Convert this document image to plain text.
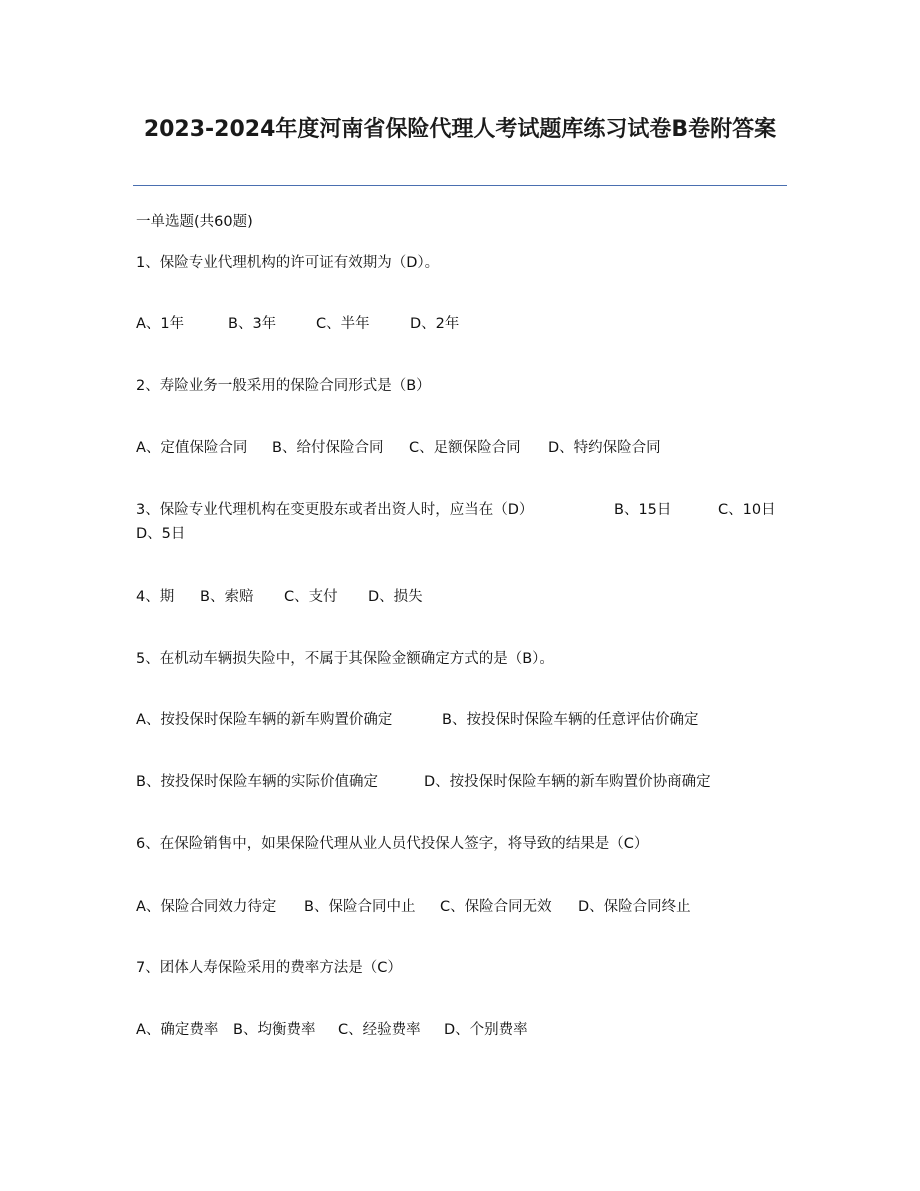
2023-2024年度河南省保险代理人考试题库练习试卷B卷附答案
一单选题(共60题)
1、保险专业代理机构的许可证有效期为（D）。
A、1年	B、3年	C、半年	D、2年
2、寿险业务一般采用的保险合同形式是（B）
A、定值保险合同 B、给付保险合同 C、足额保险合同 D、特约保险合同
3、保险专业代理机构在变更股东或者出资人时，应当在（D）	B、15日	C、10日
D、5日
4、期 B、索赔 C、支付 D、损失
5、在机动车辆损失险中，不属于其保险金额确定方式的是（B）。
A、按投保时保险车辆的新车购置价确定	B、按投保时保险车辆的任意评估价确定
B、按投保时保险车辆的实际价值确定	D、按投保时保险车辆的新车购置价协商确定
6、在保险销售中，如果保险代理从业人员代投保人签字，将导致的结果是（C）
A、保险合同效力待定 B、保险合同中止 C、保险合同无效 D、保险合同终止
7、团体人寿保险采用的费率方法是（C）
A、确定费率 B、均衡费率 C、经验费率 D、个别费率
